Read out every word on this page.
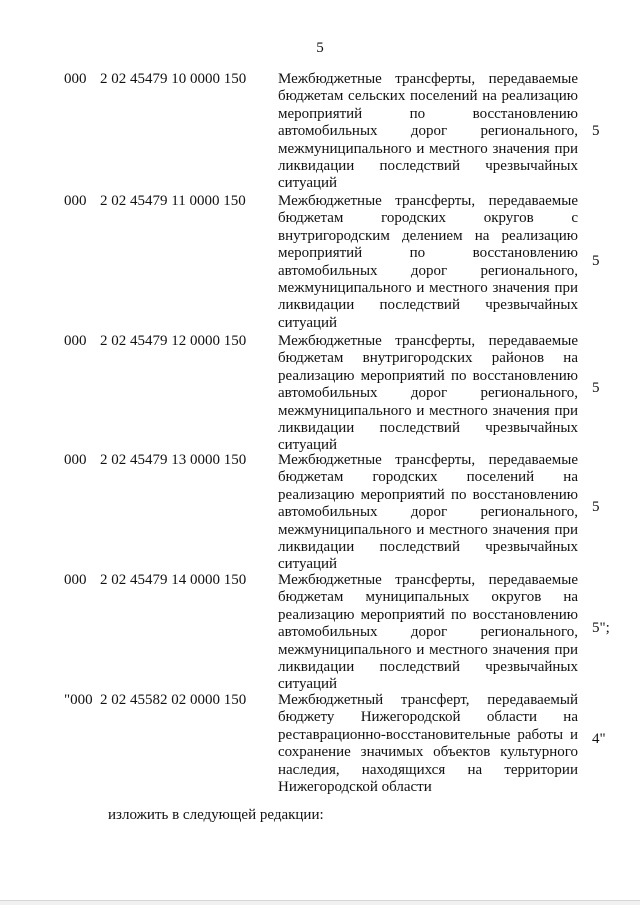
5
000 2 02 45479 10 0000 150 Межбюджетные трансферты, передаваемые бюджетам сельских поселений на реализацию мероприятий по восстановлению автомобильных дорог регионального, межмуниципального и местного значения при ликвидации последствий чрезвычайных ситуаций
5
000 2 02 45479 11 0000 150 Межбюджетные трансферты, передаваемые бюджетам городских округов с внутригородским делением на реализацию мероприятий по восстановлению автомобильных дорог регионального, межмуниципального и местного значения при ликвидации последствий чрезвычайных ситуаций
5
000 2 02 45479 12 0000 150 Межбюджетные трансферты, передаваемые бюджетам внутригородских районов на реализацию мероприятий по восстановлению автомобильных дорог регионального, межмуниципального и местного значения при ликвидации последствий чрезвычайных ситуаций
5
000 2 02 45479 13 0000 150 Межбюджетные трансферты, передаваемые бюджетам городских поселений на реализацию мероприятий по восстановлению автомобильных дорог регионального, межмуниципального и местного значения при ликвидации последствий чрезвычайных ситуаций
5
000 2 02 45479 14 0000 150 Межбюджетные трансферты, передаваемые бюджетам муниципальных округов на реализацию мероприятий по восстановлению автомобильных дорог регионального, межмуниципального и местного значения при ликвидации последствий чрезвычайных ситуаций
5";
"000 2 02 45582 02 0000 150 Межбюджетный трансферт, передаваемый бюджету Нижегородской области на реставрационно-восстановительные работы и сохранение значимых объектов культурного наследия, находящихся на территории Нижегородской области
4"
изложить в следующей редакции:
